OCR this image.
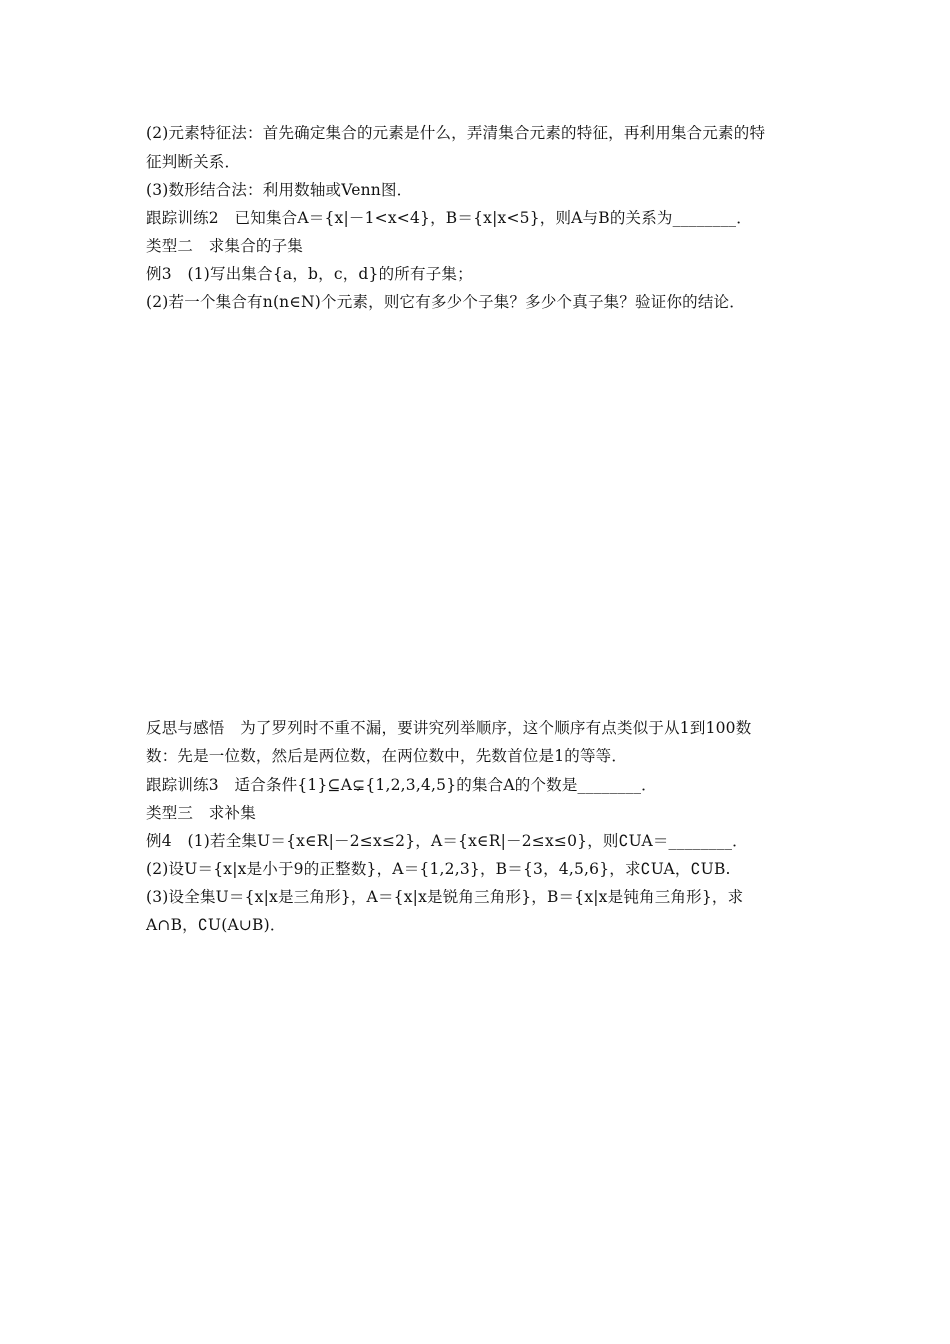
(2)元素特征法：首先确定集合的元素是什么，弄清集合元素的特征，再利用集合元素的特
征判断关系．
(3)数形结合法：利用数轴或Venn图．
跟踪训练2　已知集合A＝{x|－1<x<4}，B＝{x|x<5}，则A与B的关系为________．
类型二　求集合的子集
例3　(1)写出集合{a，b，c，d}的所有子集；
(2)若一个集合有n(n∈N)个元素，则它有多少个子集？多少个真子集？验证你的结论．
反思与感悟　为了罗列时不重不漏，要讲究列举顺序，这个顺序有点类似于从1到100数
数：先是一位数，然后是两位数，在两位数中，先数首位是1的等等．
跟踪训练3　适合条件{1}⊆A⊊{1,2,3,4,5}的集合A的个数是________．
类型三　求补集
例4　(1)若全集U＝{x∈R|－2≤x≤2}，A＝{x∈R|－2≤x≤0}，则∁UA＝________．
(2)设U＝{x|x是小于9的正整数}，A＝{1,2,3}，B＝{3，4,5,6}，求∁UA，∁UB.
(3)设全集U＝{x|x是三角形}，A＝{x|x是锐角三角形}，B＝{x|x是钝角三角形}，求
A∩B，∁U(A∪B)．
